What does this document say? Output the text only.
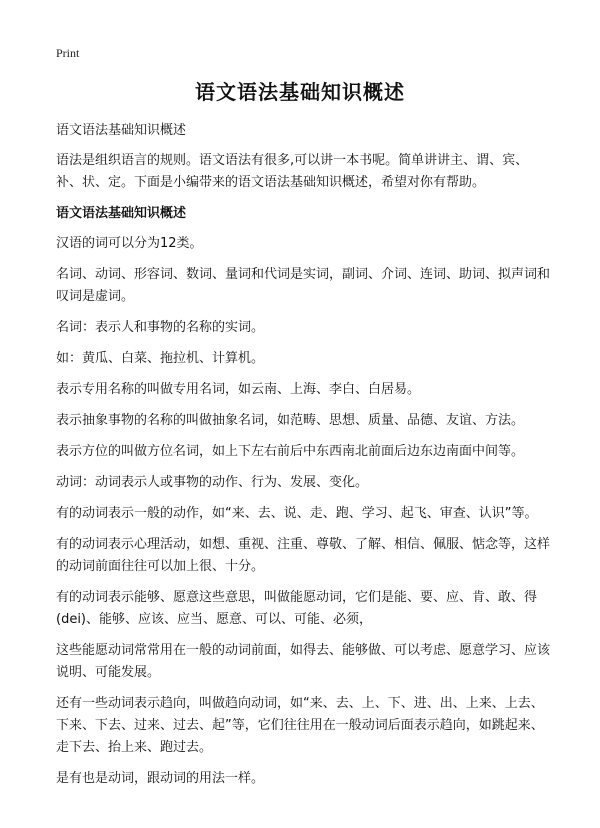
Print
语文语法基础知识概述

语文语法基础知识概述

语法是组织语言的规则。语文语法有很多,可以讲一本书呢。简单讲讲主、谓、宾、补、状、定。下面是小编带来的语文语法基础知识概述，希望对你有帮助。

语文语法基础知识概述

汉语的词可以分为12类。

名词、动词、形容词、数词、量词和代词是实词，副词、介词、连词、助词、拟声词和叹词是虚词。

名词：表示人和事物的名称的实词。

如：黄瓜、白菜、拖拉机、计算机。

表示专用名称的叫做专用名词，如云南、上海、李白、白居易。

表示抽象事物的名称的叫做抽象名词，如范畴、思想、质量、品德、友谊、方法。

表示方位的叫做方位名词，如上下左右前后中东西南北前面后边东边南面中间等。

动词：动词表示人或事物的动作、行为、发展、变化。

有的动词表示一般的动作，如“来、去、说、走、跑、学习、起飞、审查、认识”等。

有的动词表示心理活动，如想、重视、注重、尊敬、了解、相信、佩服、惦念等，这样的动词前面往往可以加上很、十分。

有的动词表示能够、愿意这些意思，叫做能愿动词，它们是能、要、应、肯、敢、得(dei)、能够、应该、应当、愿意、可以、可能、必须，

这些能愿动词常常用在一般的动词前面，如得去、能够做、可以考虑、愿意学习、应该说明、可能发展。

还有一些动词表示趋向，叫做趋向动词，如“来、去、上、下、进、出、上来、上去、下来、下去、过来、过去、起”等，它们往往用在一般动词后面表示趋向，如跳起来、走下去、抬上来、跑过去。

是有也是动词，跟动词的用法一样。
